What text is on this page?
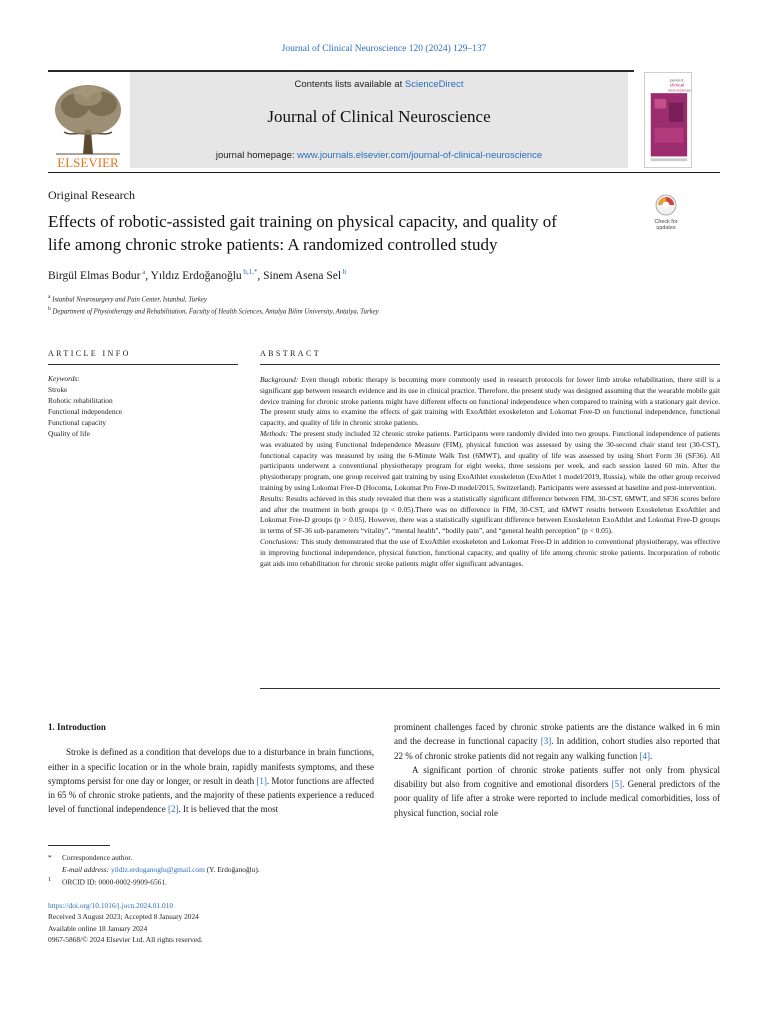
Journal of Clinical Neuroscience 120 (2024) 129–137
ELSEVIER
Contents lists available at ScienceDirect
Journal of Clinical Neuroscience
journal homepage: www.journals.elsevier.com/journal-of-clinical-neuroscience
journal of
clinical
neuroscience
Original Research
Effects of robotic-assisted gait training on physical capacity, and quality of
life among chronic stroke patients: A randomized controlled study
Check for
updates
Birgül Elmas Bodur $^a$, Yıldız Erdoğanoğlu $^{b,1,*}$, Sinem Asena Sel $^b$
$^a$ Istanbul Neurosurgery and Pain Center, Istanbul, Turkey
$^b$ Department of Physiotherapy and Rehabilitation, Faculty of Health Sciences, Antalya Bilim University, Antalya, Turkey
ARTICLE INFO	ABSTRACT
Keywords:
Stroke
Robotic rehabilitation
Functional independence
Functional capacity
Quality of life

Background: Even though robotic therapy is becoming more commonly used in research protocols for lower limb stroke rehabilitation, there still is a significant gap between research evidence and its use in clinical practice. Therefore, the present study was designed assuming that the wearable mobile gait device training for chronic stroke patients might have different effects on functional independence when compared to training with a stationary gait device. The present study aims to examine the effects of gait training with ExoAthlet exoskeleton and Lokomat Free-D on functional independence, functional capacity, and quality of life in chronic stroke patients.

Methods: The present study included 32 chronic stroke patients. Participants were randomly divided into two groups. Functional independence of patients was evaluated by using Functional Independence Measure (FIM), physical function was assessed by using the 30-second chair stand test (30-CST), functional capacity was measured by using the 6-Minute Walk Test (6MWT), and quality of life was assessed by using Short Form 36 (SF36). All participants underwent a conventional physiotherapy program for eight weeks, three sessions per week, and each session lasted 60 min. After the physiotherapy program, one group received gait training by using ExoAthlet exoskeleton (ExoAtlet 1 model/2019, Russia), while the other group received training by using Lokomat Free-D (Hocoma, Lokomat Pro Free-D model/2015, Switzerland). Participants were assessed at baseline and post-intervention.

Results: Results achieved in this study revealed that there was a statistically significant difference between FIM, 30-CST, 6MWT, and SF36 scores before and after the treatment in both groups (p < 0.05).There was no difference in FIM, 30-CST, and 6MWT results between Exoskeleton ExoAthlet and Lokomat Free-D groups (p > 0.05). However, there was a statistically significant difference between Exoskeleton ExoAthlet and Lokomat Free-D groups in terms of SF-36 sub-parameters “vitality”, “mental health”, “bodily pain”, and “general health perception” (p < 0.05).

Conclusions: This study demonstrated that the use of ExoAthlet exoskeleton and Lokomat Free-D in addition to conventional physiotherapy, was effective in improving functional independence, physical function, functional capacity, and quality of life among chronic stroke patients. Incorporation of robotic gait aids into rehabilitation for chronic stroke patients might offer significant advantages.

1. Introduction

Stroke is defined as a condition that develops due to a disturbance in brain functions, either in a specific location or in the whole brain, rapidly manifests symptoms, and these symptoms persist for one day or longer, or result in death [1]. Motor functions are affected in 65 % of chronic stroke patients, and the majority of these patients experience a reduced level of functional independence [2]. It is believed that the most

prominent challenges faced by chronic stroke patients are the distance walked in 6 min and the decrease in functional capacity [3]. In addition, cohort studies also reported that 22 % of chronic stroke patients did not regain any walking function [4].

A significant portion of chronic stroke patients suffer not only from physical disability but also from cognitive and emotional disorders [5]. General predictors of the poor quality of life after a stroke were reported to include medical comorbidities, loss of physical function, social role

* Correspondence author.
E-mail address: yildiz.erdoganoglu@gmail.com (Y. Erdoğanoğlu).
$^1$ ORCID ID: 0000-0002-9909-6561.
https://doi.org/10.1016/j.jocn.2024.01.010
Received 3 August 2023; Accepted 8 January 2024
Available online 18 January 2024
0967-5868/© 2024 Elsevier Ltd. All rights reserved.
